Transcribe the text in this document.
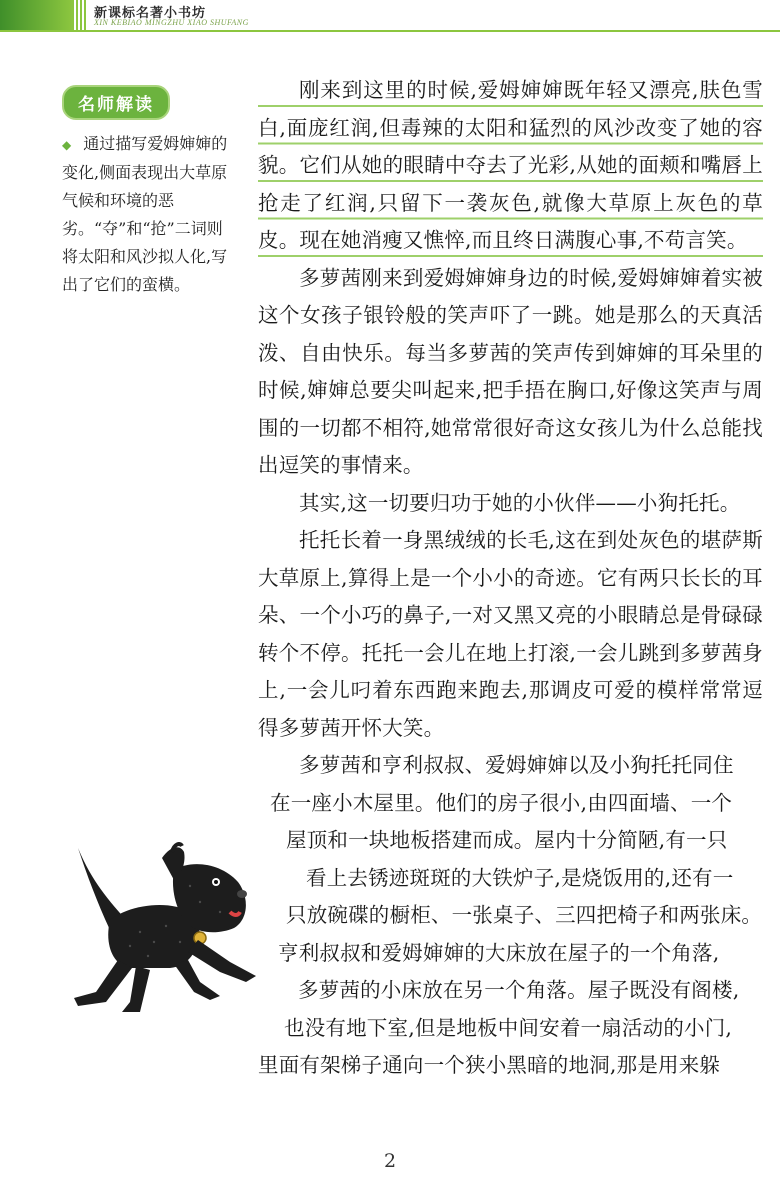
新课标名著小书坊
XIN KEBIAO MINGZHU XIAO SHUFANG
名师解读
◆ 通过描写爱姆婶婶的变化,侧面表现出大草原气候和环境的恶劣。“夺”和“抢”二词则将太阳和风沙拟人化,写出了它们的蛮横。

刚来到这里的时候,爱姆婶婶既年轻又漂亮,肤色雪白,面庞红润,但毒辣的太阳和猛烈的风沙改变了她的容貌。它们从她的眼睛中夺去了光彩,从她的面颊和嘴唇上抢走了红润,只留下一袭灰色,就像大草原上灰色的草皮。现在她消瘦又憔悴,而且终日满腹心事,不苟言笑。

多萝茜刚来到爱姆婶婶身边的时候,爱姆婶婶着实被这个女孩子银铃般的笑声吓了一跳。她是那么的天真活泼、自由快乐。每当多萝茜的笑声传到婶婶的耳朵里的时候,婶婶总要尖叫起来,把手捂在胸口,好像这笑声与周围的一切都不相符,她常常很好奇这女孩儿为什么总能找出逗笑的事情来。

其实,这一切要归功于她的小伙伴——小狗托托。

托托长着一身黑绒绒的长毛,这在到处灰色的堪萨斯大草原上,算得上是一个小小的奇迹。它有两只长长的耳朵、一个小巧的鼻子,一对又黑又亮的小眼睛总是骨碌碌转个不停。托托一会儿在地上打滚,一会儿跳到多萝茜身上,一会儿叼着东西跑来跑去,那调皮可爱的模样常常逗得多萝茜开怀大笑。

多萝茜和亨利叔叔、爱姆婶婶以及小狗托托同住
在一座小木屋里。他们的房子很小,由四面墙、一个
屋顶和一块地板搭建而成。屋内十分简陋,有一只
看上去锈迹斑斑的大铁炉子,是烧饭用的,还有一
只放碗碟的橱柜、一张桌子、三四把椅子和两张床。
亨利叔叔和爱姆婶婶的大床放在屋子的一个角落,
多萝茜的小床放在另一个角落。屋子既没有阁楼,
也没有地下室,但是地板中间安着一扇活动的小门,
里面有架梯子通向一个狭小黑暗的地洞,那是用来躲
2
